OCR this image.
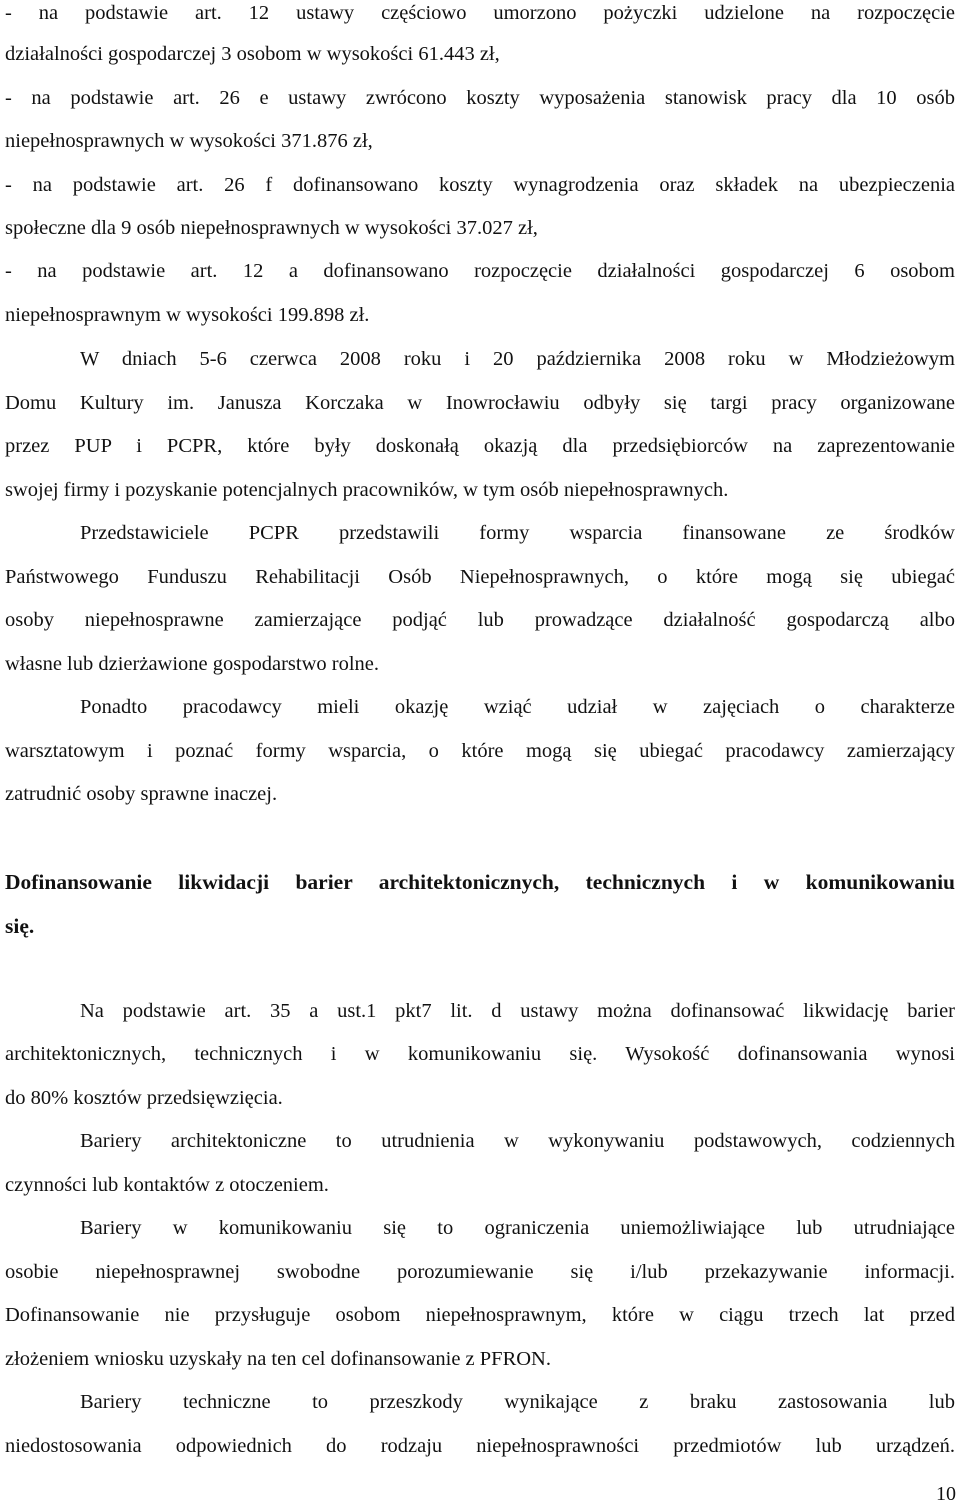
- na podstawie art. 12 ustawy częściowo umorzono pożyczki udzielone na rozpoczęcie
działalności gospodarczej 3 osobom w wysokości 61.443 zł,
- na podstawie art. 26 e ustawy zwrócono koszty wyposażenia stanowisk pracy dla 10 osób
niepełnosprawnych w wysokości 371.876 zł,
- na podstawie art. 26 f dofinansowano koszty wynagrodzenia oraz składek na ubezpieczenia
społeczne dla 9 osób niepełnosprawnych w wysokości 37.027 zł,
- na podstawie art. 12 a dofinansowano rozpoczęcie działalności gospodarczej 6 osobom
niepełnosprawnym w wysokości 199.898 zł.
W dniach 5-6 czerwca 2008 roku i 20 października 2008 roku w Młodzieżowym
Domu Kultury im. Janusza Korczaka w Inowrocławiu odbyły się targi pracy organizowane
przez PUP i PCPR, które były doskonałą okazją dla przedsiębiorców na zaprezentowanie
swojej firmy i pozyskanie potencjalnych pracowników, w tym osób niepełnosprawnych.
Przedstawiciele PCPR przedstawili formy wsparcia finansowane ze środków
Państwowego Funduszu Rehabilitacji Osób Niepełnosprawnych, o które mogą się ubiegać
osoby niepełnosprawne zamierzające podjąć lub prowadzące działalność gospodarczą albo
własne lub dzierżawione gospodarstwo rolne.
Ponadto pracodawcy mieli okazję wziąć udział w zajęciach o charakterze
warsztatowym i poznać formy wsparcia, o które mogą się ubiegać pracodawcy zamierzający
zatrudnić osoby sprawne inaczej.
Dofinansowanie likwidacji barier architektonicznych, technicznych i w komunikowaniu
się.
Na podstawie art. 35 a ust.1 pkt7 lit. d ustawy można dofinansować likwidację barier
architektonicznych, technicznych i w komunikowaniu się. Wysokość dofinansowania wynosi
do 80% kosztów przedsięwzięcia.
Bariery architektoniczne to utrudnienia w wykonywaniu podstawowych, codziennych
czynności lub kontaktów z otoczeniem.
Bariery w komunikowaniu się to ograniczenia uniemożliwiające lub utrudniające
osobie niepełnosprawnej swobodne porozumiewanie się i/lub przekazywanie informacji.
Dofinansowanie nie przysługuje osobom niepełnosprawnym, które w ciągu trzech lat przed
złożeniem wniosku uzyskały na ten cel dofinansowanie z PFRON.
Bariery techniczne to przeszkody wynikające z braku zastosowania lub
niedostosowania odpowiednich do rodzaju niepełnosprawności przedmiotów lub urządzeń.
10
